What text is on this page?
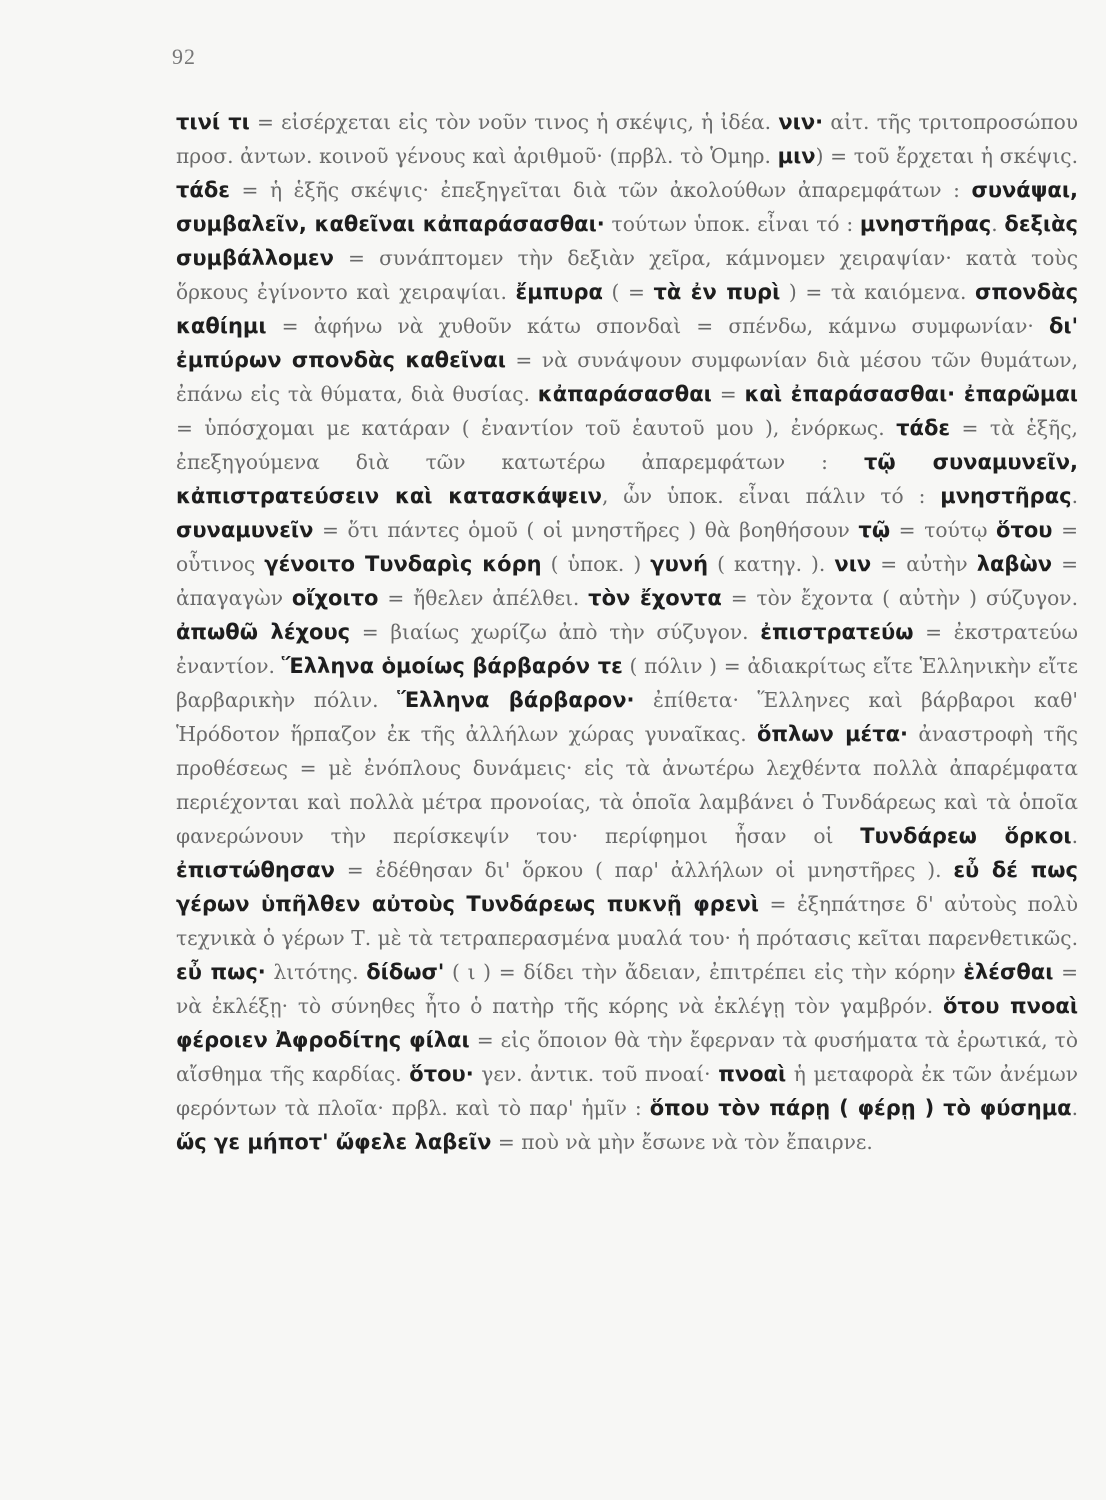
92

τινί τι = εἰσέρχεται εἰς τὸν νοῦν τινος ἡ σκέψις, ἡ ἰδέα. νιν· αἰτ. τῆς τριτοπροσώπου προσ. ἀντων. κοινοῦ γένους καὶ ἀριθμοῦ· (πρβλ. τὸ Ὁμηρ. μιν) = τοῦ ἔρχεται ἡ σκέψις. τάδε = ἡ ἑξῆς σκέψις· ἐπεξηγεῖται διὰ τῶν ἀκολούθων ἀπαρεμφάτων : συνάψαι, συμβαλεῖν, καθεῖναι κἀπαράσασθαι· τούτων ὑποκ. εἶναι τό : μνηστῆρας. δεξιὰς συμβάλλομεν = συνάπτομεν τὴν δεξιὰν χεῖρα, κάμνομεν χειραψίαν· κατὰ τοὺς ὅρκους ἐγίνοντο καὶ χειραψίαι. ἔμπυρα ( = τὰ ἐν πυρὶ ) = τὰ καιόμενα. σπονδὰς καθίημι = ἀφήνω νὰ χυθοῦν κάτω σπονδαὶ = σπένδω, κάμνω συμφωνίαν· δι' ἐμπύρων σπονδὰς καθεῖναι = νὰ συνάψουν συμφωνίαν διὰ μέσου τῶν θυμάτων, ἐπάνω εἰς τὰ θύματα, διὰ θυσίας. κἀπαράσασθαι = καὶ ἐπαράσασθαι· ἐπαρῶμαι = ὑπόσχομαι με κατάραν ( ἐναντίον τοῦ ἑαυτοῦ μου ), ἐνόρκως. τάδε = τὰ ἑξῆς, ἐπεξηγούμενα διὰ τῶν κατωτέρω ἀπαρεμφάτων : τῷ συναμυνεῖν, κἀπιστρατεύσειν καὶ κατασκάψειν, ὧν ὑποκ. εἶναι πάλιν τό : μνηστῆρας. συναμυνεῖν = ὅτι πάντες ὁμοῦ ( οἱ μνηστῆρες ) θὰ βοηθήσουν τῷ = τούτῳ ὅτου = οὗτινος γένοιτο Τυνδαρὶς κόρη ( ὑποκ. ) γυνή ( κατηγ. ). νιν = αὐτὴν λαβὼν = ἀπαγαγὼν οἴχοιτο = ἤθελεν ἀπέλθει. τὸν ἔχοντα = τὸν ἔχοντα ( αὐτὴν ) σύζυγον. ἀπωθῶ λέχους = βιαίως χωρίζω ἀπὸ τὴν σύζυγον. ἐπιστρατεύω = ἐκστρατεύω ἐναντίον. Ἕλληνα ὁμοίως βάρβαρόν τε ( πόλιν ) = ἀδιακρίτως εἴτε Ἑλληνικὴν εἴτε βαρβαρικὴν πόλιν. Ἕλληνα βάρβαρον· ἐπίθετα· Ἕλληνες καὶ βάρβαροι καθ' Ἡρόδοτον ἥρπαζον ἐκ τῆς ἀλλήλων χώρας γυναῖκας. ὅπλων μέτα· ἀναστροφὴ τῆς προθέσεως = μὲ ἐνόπλους δυνάμεις· εἰς τὰ ἀνωτέρω λεχθέντα πολλὰ ἀπαρέμφατα περιέχονται καὶ πολλὰ μέτρα προνοίας, τὰ ὁποῖα λαμβάνει ὁ Τυνδάρεως καὶ τὰ ὁποῖα φανερώνουν τὴν περίσκεψίν του· περίφημοι ἦσαν οἱ Τυνδάρεω ὅρκοι. ἐπιστώθησαν = ἐδέθησαν δι' ὅρκου ( παρ' ἀλλήλων οἱ μνηστῆρες ). εὖ δέ πως γέρων ὑπῆλθεν αὐτοὺς Τυνδάρεως πυκνῇ φρενὶ = ἐξηπάτησε δ' αὐτοὺς πολὺ τεχνικὰ ὁ γέρων Τ. μὲ τὰ τετραπερασμένα μυαλά του· ἡ πρότασις κεῖται παρενθετικῶς. εὖ πως· λιτότης. δίδωσ' ( ι ) = δίδει τὴν ἄδειαν, ἐπιτρέπει εἰς τὴν κόρην ἑλέσθαι = νὰ ἐκλέξῃ· τὸ σύνηθες ἦτο ὁ πατὴρ τῆς κόρης νὰ ἐκλέγῃ τὸν γαμβρόν. ὅτου πνοαὶ φέροιεν Ἀφροδίτης φίλαι = εἰς ὅποιον θὰ τὴν ἔφερναν τὰ φυσήματα τὰ ἐρωτικά, τὸ αἴσθημα τῆς καρδίας. ὅτου· γεν. ἀντικ. τοῦ πνοαί· πνοαὶ ἡ μεταφορὰ ἐκ τῶν ἀνέμων φερόντων τὰ πλοῖα· πρβλ. καὶ τὸ παρ' ἡμῖν : ὅπου τὸν πάρῃ ( φέρῃ ) τὸ φύσημα. ὥς γε μήποτ' ὤφελε λαβεῖν = ποὺ νὰ μὴν ἔσωνε νὰ τὸν ἔπαιρνε.
